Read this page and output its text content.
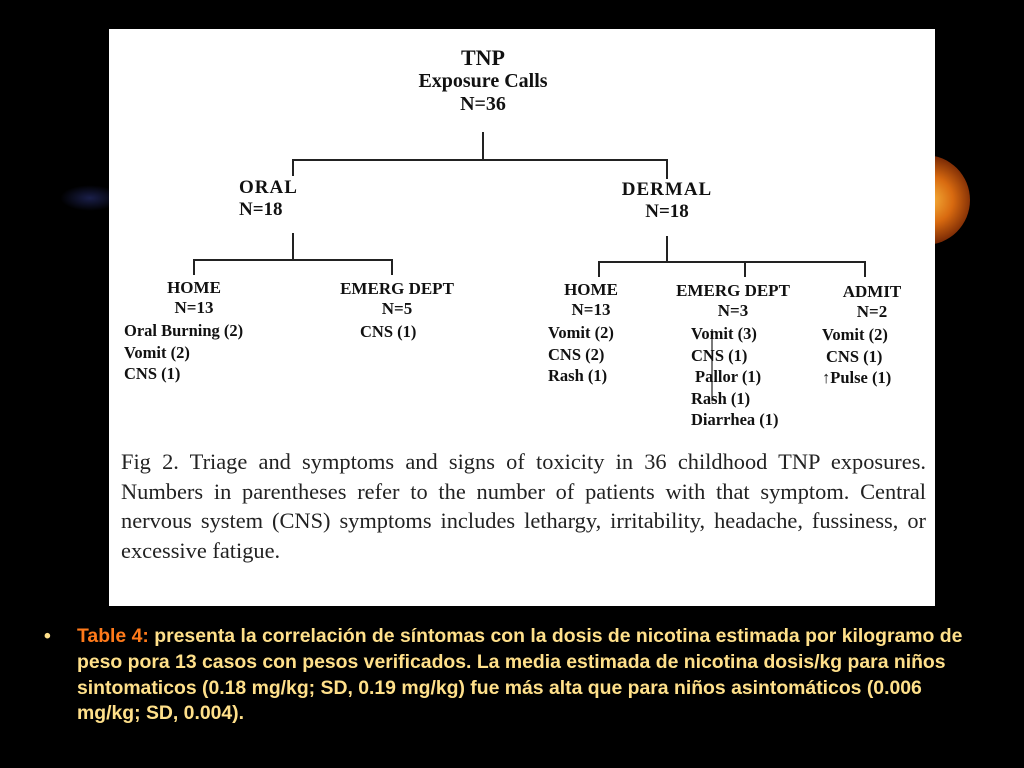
TNP
Exposure Calls
N=36
ORAL
N=18
DERMAL
N=18
HOME
N=13
Oral Burning (2)
Vomit (2)
CNS (1)
EMERG DEPT
N=5
CNS (1)
HOME
N=13
Vomit (2)
CNS (2)
Rash (1)
EMERG DEPT
N=3
Vomit (3)
CNS (1)
Pallor (1)
Rash (1)
Diarrhea (1)
ADMIT
N=2
Vomit (2)
CNS (1)
↑Pulse (1)
Fig 2. Triage and symptoms and signs of toxicity in 36 childhood TNP exposures. Numbers in parentheses refer to the number of patients with that symptom. Central nervous system (CNS) symptoms includes lethargy, irritability, headache, fussiness, or excessive fatigue.
• Table 4: presenta la correlación de síntomas con la dosis de nicotina estimada por kilogramo de peso pora 13 casos con pesos verificados. La media estimada de nicotina dosis/kg para niños sintomaticos (0.18 mg/kg; SD, 0.19 mg/kg) fue más alta que para niños asintomáticos (0.006 mg/kg; SD, 0.004).
